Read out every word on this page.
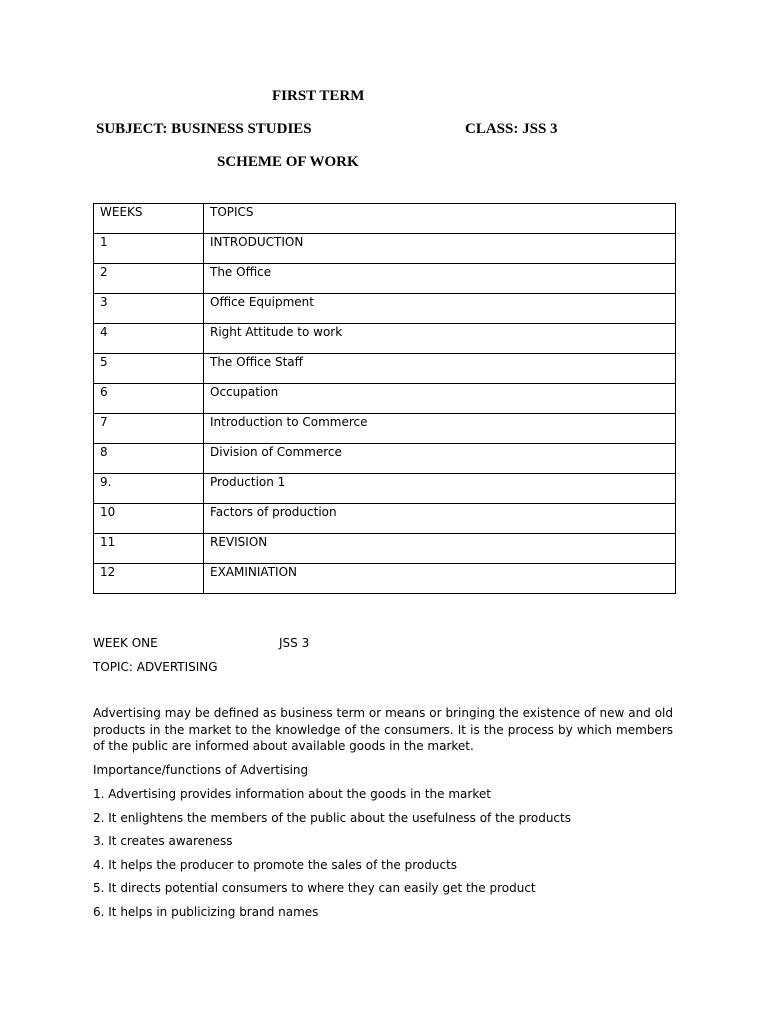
FIRST TERM
SUBJECT: BUSINESS STUDIES	CLASS: JSS 3
SCHEME OF WORK
WEEKS	TOPICS

1	INTRODUCTION

2	The Office

3	Office Equipment

4	Right Attitude to work

5	The Office Staff

6	Occupation

7	Introduction to Commerce

8	Division of Commerce

9.	Production 1

10	Factors of production

11	REVISION

12	EXAMINIATION
WEEK ONE	JSS 3
TOPIC: ADVERTISING
Advertising may be defined as business term or means or bringing the existence of new and old products in the market to the knowledge of the consumers. It is the process by which members of the public are informed about available goods in the market.
Importance/functions of Advertising
1. Advertising provides information about the goods in the market
2. It enlightens the members of the public about the usefulness of the products
3. It creates awareness
4. It helps the producer to promote the sales of the products
5. It directs potential consumers to where they can easily get the product
6. It helps in publicizing brand names
